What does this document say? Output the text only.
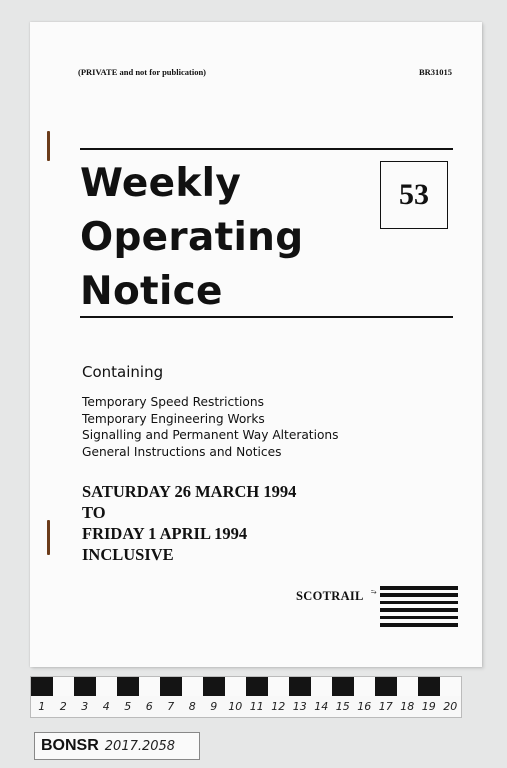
(PRIVATE and not for publication)	BR31015
Weekly
Operating
Notice
53
Containing
Temporary Speed Restrictions
Temporary Engineering Works
Signalling and Permanent Way Alterations
General Instructions and Notices
SATURDAY 26 MARCH 1994
TO
FRIDAY 1 APRIL 1994
INCLUSIVE
SCOTRAIL ⥲
1	2	3	4	5	6	7	8	9	10 11 12 13 14 15 16 17 18 19 20
BONSR 2017.2058
